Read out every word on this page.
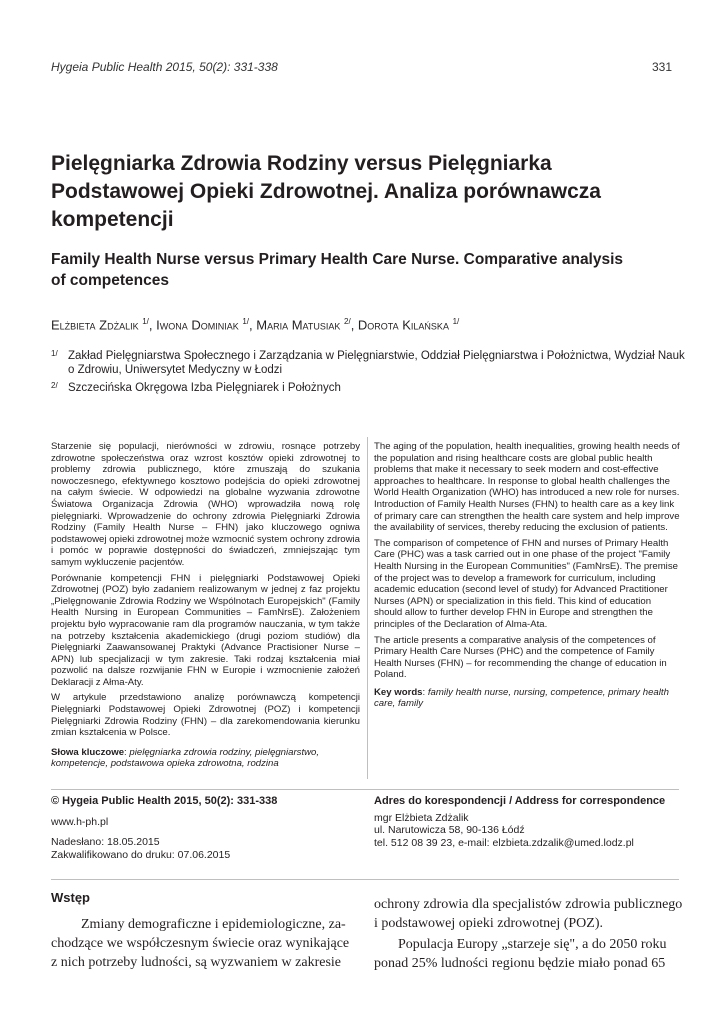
Hygeia Public Health 2015, 50(2): 331-338	331
Pielęgniarka Zdrowia Rodziny versus Pielęgniarka
Podstawowej Opieki Zdrowotnej. Analiza porównawcza
kompetencji
Family Health Nurse versus Primary Health Care Nurse. Comparative analysis
of competences
Elżbieta Zdżalik $^{1/}$, Iwona Dominiak $^{1/}$, Maria Matusiak $^{2/}$, Dorota Kilańska $^{1/}$
1/ Zakład Pielęgniarstwa Społecznego i Zarządzania w Pielęgniarstwie, Oddział Pielęgniarstwa i Położnictwa, Wydział Nauk
o Zdrowiu, Uniwersytet Medyczny w Łodzi
2/ Szczecińska Okręgowa Izba Pielęgniarek i Położnych

Starzenie się populacji, nierówności w zdrowiu, rosnące potrzeby zdrowotne społeczeństwa oraz wzrost kosztów opieki zdrowotnej to problemy zdrowia publicznego, które zmuszają do szukania nowoczesnego, efektywnego kosztowo podejścia do opieki zdrowotnej na całym świecie. W odpowiedzi na globalne wyzwania zdrowotne Światowa Organizacja Zdrowia (WHO) wprowadziła nową rolę pielęgniarki. Wprowadzenie do ochrony zdrowia Pielęgniarki Zdrowia Rodziny (Family Health Nurse – FHN) jako kluczowego ogniwa podstawowej opieki zdrowotnej może wzmocnić system ochrony zdrowia i pomóc w poprawie dostępności do świadczeń, zmniejszając tym samym wykluczenie pacjentów.

Porównanie kompetencji FHN i pielęgniarki Podstawowej Opieki Zdrowotnej (POZ) było zadaniem realizowanym w jednej z faz projektu „Pielęgnowanie Zdrowia Rodziny we Wspólnotach Europejskich" (Family Health Nursing in European Communities – FamNrsE). Założeniem projektu było wypracowanie ram dla programów nauczania, w tym także na potrzeby kształcenia akademickiego (drugi poziom studiów) dla Pielęgniarki Zaawansowanej Praktyki (Advance Practisioner Nurse – APN) lub specjalizacji w tym zakresie. Taki rodzaj kształcenia miał pozwolić na dalsze rozwijanie FHN w Europie i wzmocnienie założeń Deklaracji z Ałma-Aty.

W artykule przedstawiono analizę porównawczą kompetencji Pielęgniarki Podstawowej Opieki Zdrowotnej (POZ) i kompetencji Pielęgniarki Zdrowia Rodziny (FHN) – dla zarekomendowania kierunku zmian kształcenia w Polsce.

Słowa kluczowe: pielęgniarka zdrowia rodziny, pielęgniarstwo, kompetencje, podstawowa opieka zdrowotna, rodzina

The aging of the population, health inequalities, growing health needs of the population and rising healthcare costs are global public health problems that make it necessary to seek modern and cost-effective approaches to healthcare. In response to global health challenges the World Health Organization (WHO) has introduced a new role for nurses. Introduction of Family Health Nurses (FHN) to health care as a key link of primary care can strengthen the health care system and help improve the availability of services, thereby reducing the exclusion of patients.

The comparison of competence of FHN and nurses of Primary Health Care (PHC) was a task carried out in one phase of the project "Family Health Nursing in the European Communities" (FamNrsE). The premise of the project was to develop a framework for curriculum, including academic education (second level of study) for Advanced Practitioner Nurses (APN) or specialization in this field. This kind of education should allow to further develop FHN in Europe and strengthen the principles of the Declaration of Alma-Ata.

The article presents a comparative analysis of the competences of Primary Health Care Nurses (PHC) and the competence of Family Health Nurses (FHN) – for recommending the change of education in Poland.

Key words: family health nurse, nursing, competence, primary health care, family

© Hygeia Public Health 2015, 50(2): 331-338
www.h-ph.pl
Nadesłano: 18.05.2015
Zakwalifikowano do druku: 07.06.2015
Adres do korespondencji / Address for correspondence
mgr Elżbieta Zdżalik
ul. Narutowicza 58, 90-136 Łódź
tel. 512 08 39 23, e-mail: elzbieta.zdzalik@umed.lodz.pl
Wstęp
Zmiany demograficzne i epidemiologiczne, za-
chodzące we współczesnym świecie oraz wynikające
z nich potrzeby ludności, są wyzwaniem w zakresie
ochrony zdrowia dla specjalistów zdrowia publicznego
i podstawowej opieki zdrowotnej (POZ).
Populacja Europy „starzeje się", a do 2050 roku
ponad 25% ludności regionu będzie miało ponad 65
